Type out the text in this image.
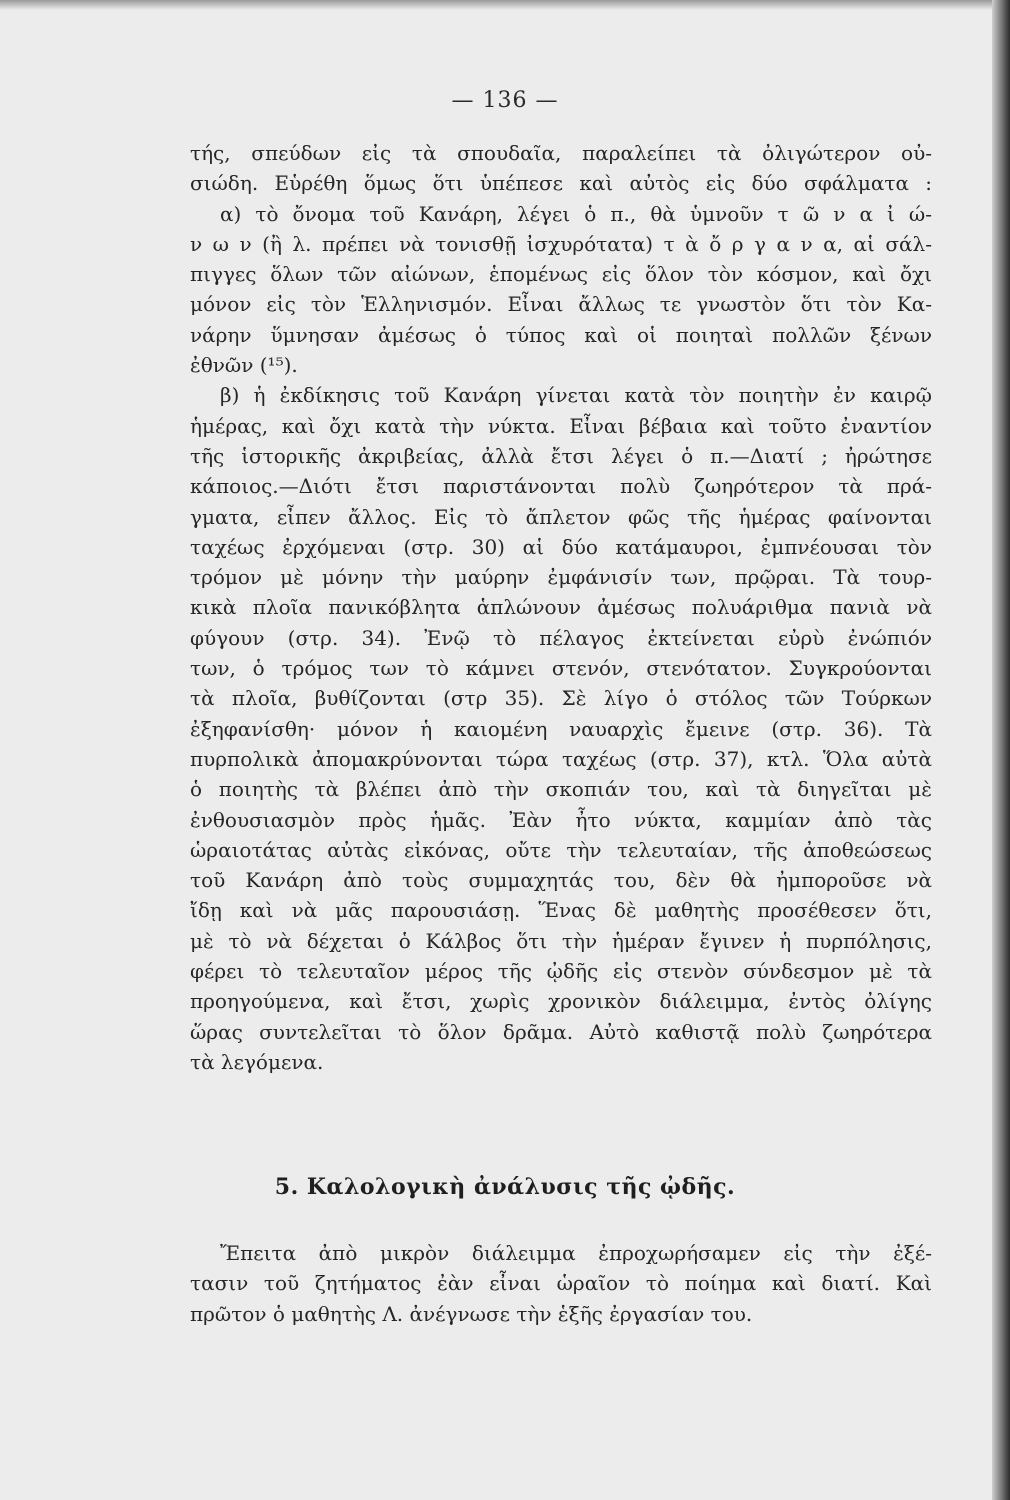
— 136 —
τής, σπεύδων εἰς τὰ σπουδαῖα, παραλείπει τὰ ὀλιγώτερον οὐ-
σιώδη. Εὑρέθη ὅμως ὅτι ὑπέπεσε καὶ αὐτὸς εἰς δύο σφάλματα :
α) τὸ ὄνομα τοῦ Κανάρη, λέγει ὁ π., θὰ ὑμνοῦν τ ῶ ν α ἰ ώ-
ν ω ν (ἢ λ. πρέπει νὰ τονισθῇ ἰσχυρότατα) τ ὰ ὄ ρ γ α ν α, αἱ σάλ-
πιγγες ὅλων τῶν αἰώνων, ἑπομένως εἰς ὅλον τὸν κόσμον, καὶ ὄχι
μόνον εἰς τὸν Ἑλληνισμόν. Εἶναι ἄλλως τε γνωστὸν ὅτι τὸν Κα-
νάρην ὕμνησαν ἀμέσως ὁ τύπος καὶ οἱ ποιηταὶ πολλῶν ξένων
ἐθνῶν (¹⁵).
β) ἡ ἐκδίκησις τοῦ Κανάρη γίνεται κατὰ τὸν ποιητὴν ἐν καιρῷ
ἡμέρας, καὶ ὄχι κατὰ τὴν νύκτα. Εἶναι βέβαια καὶ τοῦτο ἐναντίον
τῆς ἱστορικῆς ἀκριβείας, ἀλλὰ ἔτσι λέγει ὁ π.—Διατί ; ἠρώτησε
κάποιος.—Διότι ἔτσι παριστάνονται πολὺ ζωηρότερον τὰ πρά-
γματα, εἶπεν ἄλλος. Εἰς τὸ ἄπλετον φῶς τῆς ἡμέρας φαίνονται
ταχέως ἐρχόμεναι (στρ. 30) αἱ δύο κατάμαυροι, ἐμπνέουσαι τὸν
τρόμον μὲ μόνην τὴν μαύρην ἐμφάνισίν των, πρῷραι. Τὰ τουρ-
κικὰ πλοῖα πανικόβλητα ἁπλώνουν ἀμέσως πολυάριθμα πανιὰ νὰ
φύγουν (στρ. 34). Ἐνῷ τὸ πέλαγος ἐκτείνεται εὐρὺ ἐνώπιόν
των, ὁ τρόμος των τὸ κάμνει στενόν, στενότατον. Συγκρούονται
τὰ πλοῖα, βυθίζονται (στρ 35). Σὲ λίγο ὁ στόλος τῶν Τούρκων
ἐξηφανίσθη· μόνον ἡ καιομένη ναυαρχὶς ἔμεινε (στρ. 36). Τὰ
πυρπολικὰ ἀπομακρύνονται τώρα ταχέως (στρ. 37), κτλ. Ὅλα αὐτὰ
ὁ ποιητὴς τὰ βλέπει ἀπὸ τὴν σκοπιάν του, καὶ τὰ διηγεῖται μὲ
ἐνθουσιασμὸν πρὸς ἡμᾶς. Ἐὰν ἦτο νύκτα, καμμίαν ἀπὸ τὰς
ὡραιοτάτας αὐτὰς εἰκόνας, οὔτε τὴν τελευταίαν, τῆς ἀποθεώσεως
τοῦ Κανάρη ἀπὸ τοὺς συμμαχητάς του, δὲν θὰ ἠμποροῦσε νὰ
ἴδῃ καὶ νὰ μᾶς παρουσιάσῃ. Ἕνας δὲ μαθητὴς προσέθεσεν ὅτι,
μὲ τὸ νὰ δέχεται ὁ Κάλβος ὅτι τὴν ἡμέραν ἔγινεν ἡ πυρπόλησις,
φέρει τὸ τελευταῖον μέρος τῆς ᾠδῆς εἰς στενὸν σύνδεσμον μὲ τὰ
προηγούμενα, καὶ ἔτσι, χωρὶς χρονικὸν διάλειμμα, ἐντὸς ὀλίγης
ὥρας συντελεῖται τὸ ὅλον δρᾶμα. Αὐτὸ καθιστᾷ πολὺ ζωηρότερα
τὰ λεγόμενα.
5. Καλολογικὴ ἀνάλυσις τῆς ᾠδῆς.
Ἔπειτα ἀπὸ μικρὸν διάλειμμα ἐπροχωρήσαμεν εἰς τὴν ἐξέ-
τασιν τοῦ ζητήματος ἐὰν εἶναι ὡραῖον τὸ ποίημα καὶ διατί. Καὶ
πρῶτον ὁ μαθητὴς Λ. ἀνέγνωσε τὴν ἑξῆς ἐργασίαν του.
